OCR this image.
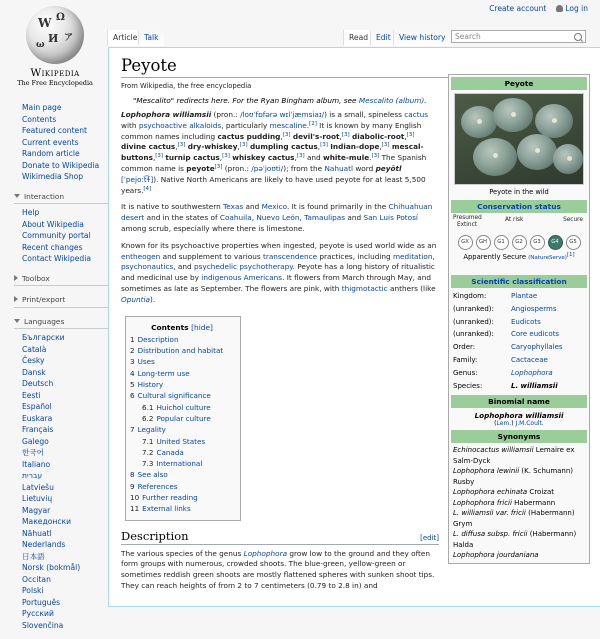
Create account	Log in
W Ω
И ア
ω
Wikipedia
The Free Encyclopedia
Main page
Contents
Featured content
Current events
Random article
Donate to Wikipedia
Wikimedia Shop
Interaction
Help
About Wikipedia
Community portal
Recent changes
Contact Wikipedia
Toolbox
Print/export
Languages
Български
Català
Česky
Dansk
Deutsch
Eesti
Español
Euskara
Français
Galego
한국어
Italiano
עברית
Latviešu
Lietuvių
Magyar
Македонски
Nāhuatl
Nederlands
日本語
Norsk (bokmål)
Occitan
Polski
Português
Русский
Slovenčina
Article Talk	Read	Edit	View history	Search
Peyote
From Wikipedia, the free encyclopedia
"Mescalito" redirects here. For the Ryan Bingham album, see Mescalito (album).

Lophophora williamsii (pron.: /loʊˈfɒfərə wɪlˈjæmsiaɪ/) is a small, spineless cactus with psychoactive alkaloids, particularly mescaline.[2] It is known by many English common names including cactus pudding,[3] devil's-root,[3] diabolic-root,[3] divine cactus,[3] dry-whiskey,[3] dumpling cactus,[3] Indian-dope,[3] mescal-buttons,[3] turnip cactus,[3] whiskey cactus,[3] and white-mule.[3] The Spanish common name is peyote[3] (pron.: /pəˈjoʊti/); from the Nahuatl word peyōtl [ˈpejoːt͡ɬ]). Native North Americans are likely to have used peyote for at least 5,500 years.[4]

It is native to southwestern Texas and Mexico. It is found primarily in the Chihuahuan desert and in the states of Coahuila, Nuevo León, Tamaulipas and San Luis Potosí among scrub, especially where there is limestone.

Known for its psychoactive properties when ingested, peyote is used world wide as an entheogen and supplement to various transcendence practices, including meditation, psychonautics, and psychedelic psychotherapy. Peyote has a long history of ritualistic and medicinal use by indigenous Americans. It flowers from March through May, and sometimes as late as September. The flowers are pink, with thigmotactic anthers (like Opuntia).

Contents [hide]
1 Description
2 Distribution and habitat
3 Uses
4 Long-term use
5 History
6 Cultural significance
6.1 Huichol culture
6.2 Popular culture
7 Legality
7.1 United States
7.2 Canada
7.3 International
8 See also
9 References
10 Further reading
11 External links
Description	[edit]

The various species of the genus Lophophora grow low to the ground and they often form groups with numerous, crowded shoots. The blue-green, yellow-green or sometimes reddish green shoots are mostly flattened spheres with sunken shoot tips. They can reach heights of from 2 to 7 centimeters (0.79 to 2.8 in) and

Peyote
Peyote in the wild
Conservation status
Presumed Extinct
At risk	Secure
GX	GH	G1	G2	G3	G4	G5
Apparently Secure (NatureServe)[1]
Scientific classification
Kingdom:	Plantae
(unranked):	Angiosperms
(unranked):	Eudicots
(unranked):	Core eudicots
Order:	Caryophyllales
Family:	Cactaceae
Genus:	Lophophora
Species:	L. williamsii
Binomial name
Lophophora williamsii
(Lem.) J.M.Coult.
Synonyms
Echinocactus williamsii Lemaire ex Salm-Dyck
Lophophora lewinii (K. Schumann) Rusby
Lophophora echinata Croizat
Lophophora fricii Habermann
L. williamsii var. fricii (Habermann) Grym
L. diffusa subsp. fricii (Habermann) Halda
Lophophora jourdaniana
